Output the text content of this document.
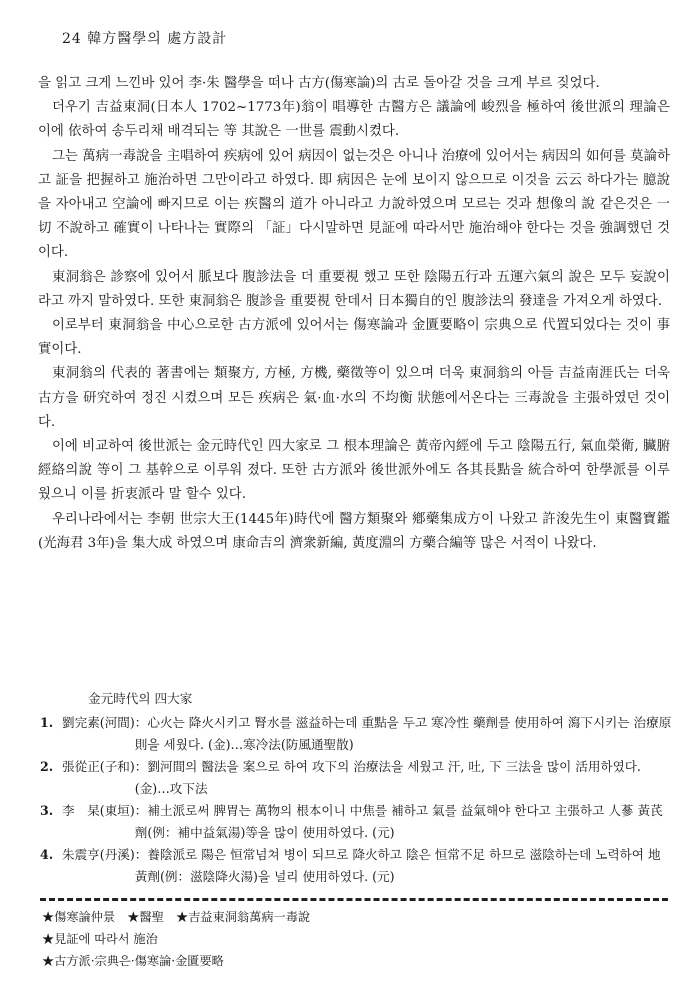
24 韓方醫學의 處方設計

을 읽고 크게 느낀바 있어 李·朱 醫學을 떠나 古方(傷寒論)의 古로 돌아갈 것을 크게 부르 짖었다.

더우기 吉益東洞(日本人 1702~1773年)翁이 唱導한 古醫方은 議論에 峻烈을 極하여 後世派의 理論은 이에 依하여 송두리채 배격되는 等 其說은 一世를 震動시켰다.

그는 萬病一毒說을 主唱하여 疾病에 있어 病因이 없는것은 아니나 治療에 있어서는 病因의 如何를 莫論하고 証을 把握하고 施治하면 그만이라고 하였다. 即 病因은 눈에 보이지 않으므로 이것을 云云 하다가는 臆說을 자아내고 空論에 빠지므로 이는 疾醫의 道가 아니라고 力說하였으며 모르는 것과 想像의 說 같은것은 一切 不說하고 確實이 나타나는 實際의 「証」다시말하면 見証에 따라서만 施治해야 한다는 것을 強調했던 것이다.

東洞翁은 診察에 있어서 脈보다 腹診法을 더 重要視 했고 또한 陰陽五行과 五運六氣의 說은 모두 妄說이라고 까지 말하였다. 또한 東洞翁은 腹診을 重要視 한데서 日本獨自的인 腹診法의 發達을 가져오게 하였다.

이로부터 東洞翁을 中心으로한 古方派에 있어서는 傷寒論과 金匱要略이 宗典으로 代置되었다는 것이 事實이다.

東洞翁의 代表的 著書에는 類聚方, 方極, 方機, 藥徵等이 있으며 더욱 東洞翁의 아들 吉益南涯氏는 더욱 古方을 研究하여 정진 시켰으며 모든 疾病은 氣·血·水의 不均衡 狀態에서온다는 三毒說을 主張하였던 것이다.

이에 비교하여 後世派는 金元時代인 四大家로 그 根本理論은 黃帝內經에 두고 陰陽五行, 氣血榮衛, 臟腑經絡의說 等이 그 基幹으로 이루워 졌다. 또한 古方派와 後世派外에도 各其長點을 統合하여 한學派를 이루웠으니 이를 折衷派라 말 할수 있다.

우리나라에서는 李朝 世宗大王(1445年)時代에 醫方類聚와 鄕藥集成方이 나왔고 許浚先生이 東醫寶鑑(光海君 3年)을 集大成 하였으며 康命吉의 濟衆新編, 黃度淵의 方藥合編等 많은 서적이 나왔다.

金元時代의 四大家
1. 劉完素(河間) ：心火는 降火시키고 腎水를 滋益하는데 重點을 두고 寒冷性 藥劑를 使用하여 瀉下시키는 治療原則을 세웠다. (金)…寒冷法(防風通聖散)
2. 張從正(子和) ：劉河間의 醫法을 案으로 하여 攻下의 治療法을 세웠고 汗, 吐, 下 三法을 많이 活用하였다. (金)…攻下法
3. 李　杲(東垣) ：補土派로써 脾胃는 萬物의 根本이니 中焦를 補하고 氣를 益氣해야 한다고 主張하고 人蔘 黃芪劑(例：補中益氣湯)等을 많이 使用하였다. (元)
4. 朱震亨(丹溪) ：養陰派로 陽은 恒常넘쳐 병이 되므로 降火하고 陰은 恒常不足 하므로 滋陰하는데 노력하여 地黃劑(例：滋陰降火湯)을 널리 使用하였다. (元)
★傷寒論仲景　★醫聖　★吉益東洞翁萬病一毒說
★見証에 따라서 施治
★古方派·宗典은·傷寒論·金匱要略
